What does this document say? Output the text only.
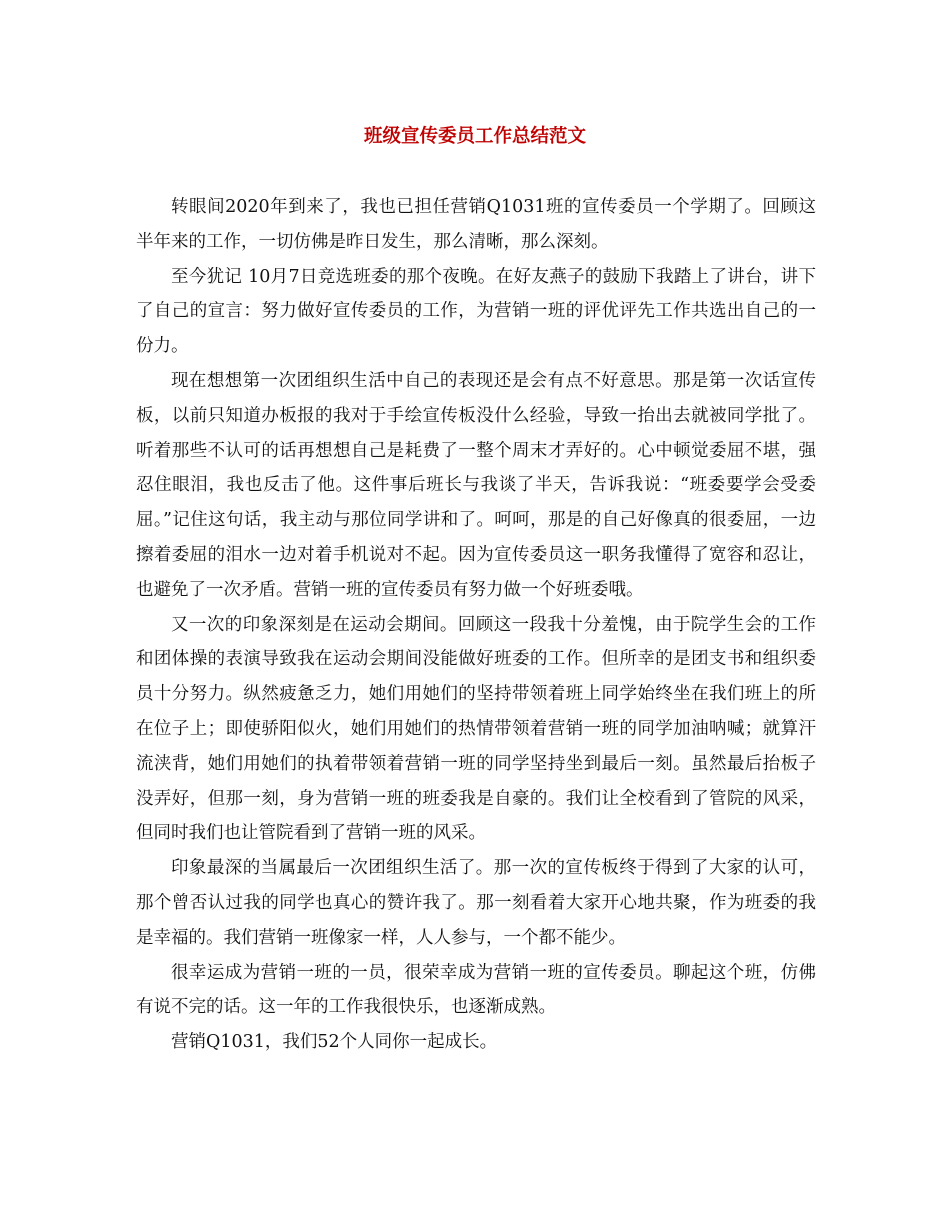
班级宣传委员工作总结范文

转眼间2020年到来了，我也已担任营销Q1031班的宣传委员一个学期了。回顾这半年来的工作，一切仿佛是昨日发生，那么清晰，那么深刻。

至今犹记 10月7日竞选班委的那个夜晚。在好友燕子的鼓励下我踏上了讲台，讲下了自己的宣言：努力做好宣传委员的工作，为营销一班的评优评先工作共选出自己的一份力。

现在想想第一次团组织生活中自己的表现还是会有点不好意思。那是第一次话宣传板，以前只知道办板报的我对于手绘宣传板没什么经验，导致一抬出去就被同学批了。听着那些不认可的话再想想自己是耗费了一整个周末才弄好的。心中顿觉委屈不堪，强忍住眼泪，我也反击了他。这件事后班长与我谈了半天，告诉我说：“班委要学会受委屈。”记住这句话，我主动与那位同学讲和了。呵呵，那是的自己好像真的很委屈，一边擦着委屈的泪水一边对着手机说对不起。因为宣传委员这一职务我懂得了宽容和忍让，也避免了一次矛盾。营销一班的宣传委员有努力做一个好班委哦。

又一次的印象深刻是在运动会期间。回顾这一段我十分羞愧，由于院学生会的工作和团体操的表演导致我在运动会期间没能做好班委的工作。但所幸的是团支书和组织委员十分努力。纵然疲惫乏力，她们用她们的坚持带领着班上同学始终坐在我们班上的所在位子上；即使骄阳似火，她们用她们的热情带领着营销一班的同学加油呐喊；就算汗流浃背，她们用她们的执着带领着营销一班的同学坚持坐到最后一刻。虽然最后抬板子没弄好，但那一刻，身为营销一班的班委我是自豪的。我们让全校看到了管院的风采，但同时我们也让管院看到了营销一班的风采。

印象最深的当属最后一次团组织生活了。那一次的宣传板终于得到了大家的认可，那个曾否认过我的同学也真心的赞许我了。那一刻看着大家开心地共聚，作为班委的我是幸福的。我们营销一班像家一样，人人参与，一个都不能少。

很幸运成为营销一班的一员，很荣幸成为营销一班的宣传委员。聊起这个班，仿佛有说不完的话。这一年的工作我很快乐，也逐渐成熟。

营销Q1031，我们52个人同你一起成长。
